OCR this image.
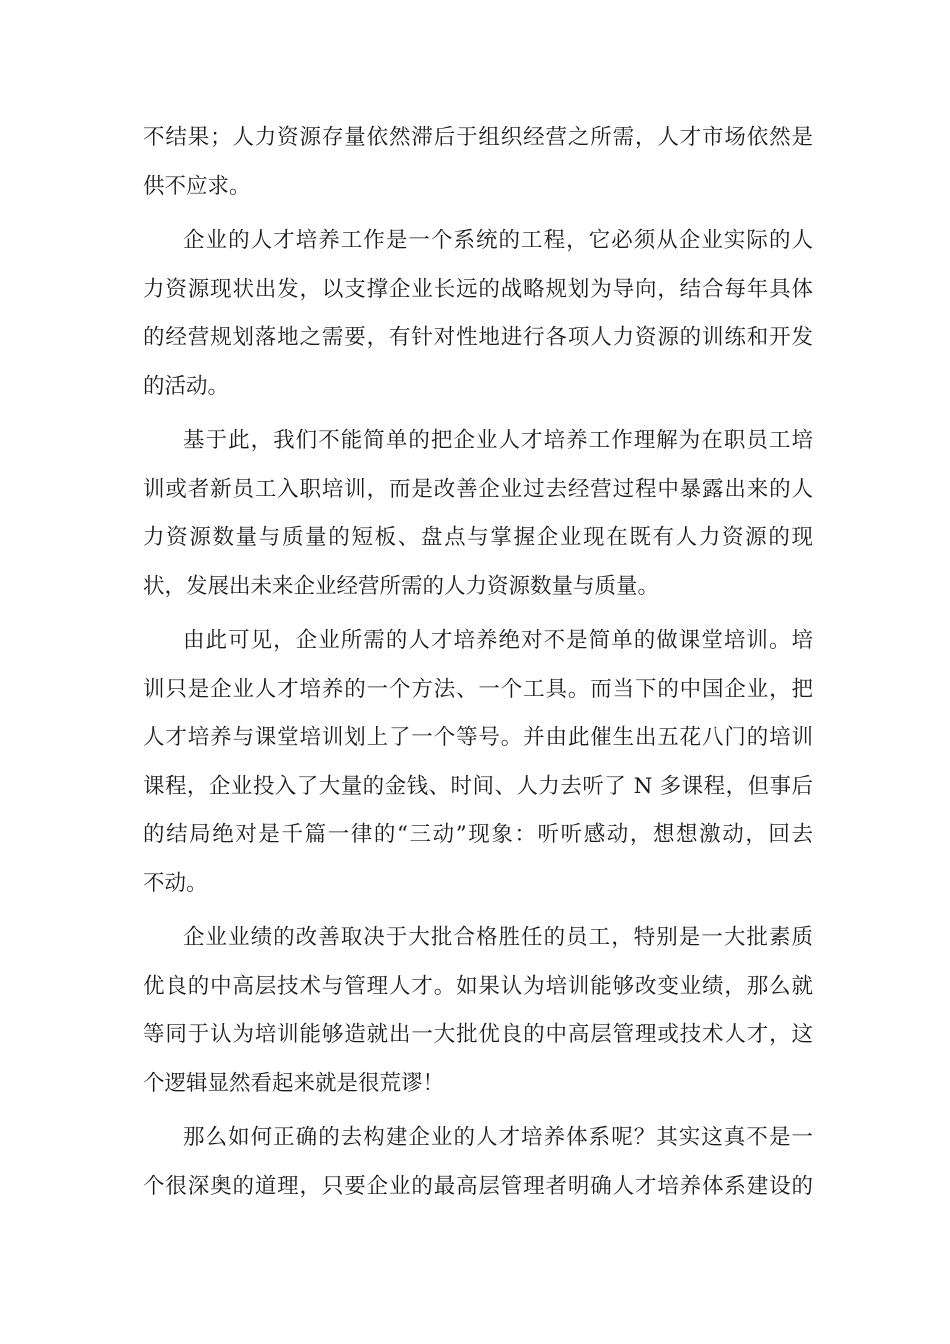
不结果；人力资源存量依然滞后于组织经营之所需，人才市场依然是
供不应求。
企业的人才培养工作是一个系统的工程，它必须从企业实际的人
力资源现状出发，以支撑企业长远的战略规划为导向，结合每年具体
的经营规划落地之需要，有针对性地进行各项人力资源的训练和开发
的活动。
基于此，我们不能简单的把企业人才培养工作理解为在职员工培
训或者新员工入职培训，而是改善企业过去经营过程中暴露出来的人
力资源数量与质量的短板、盘点与掌握企业现在既有人力资源的现
状，发展出未来企业经营所需的人力资源数量与质量。
由此可见，企业所需的人才培养绝对不是简单的做课堂培训。培
训只是企业人才培养的一个方法、一个工具。而当下的中国企业，把
人才培养与课堂培训划上了一个等号。并由此催生出五花八门的培训
课程，企业投入了大量的金钱、时间、人力去听了 N 多课程，但事后
的结局绝对是千篇一律的“三动”现象：听听感动，想想激动，回去
不动。
企业业绩的改善取决于大批合格胜任的员工，特别是一大批素质
优良的中高层技术与管理人才。如果认为培训能够改变业绩，那么就
等同于认为培训能够造就出一大批优良的中高层管理或技术人才，这
个逻辑显然看起来就是很荒谬！
那么如何正确的去构建企业的人才培养体系呢？其实这真不是一
个很深奥的道理，只要企业的最高层管理者明确人才培养体系建设的
